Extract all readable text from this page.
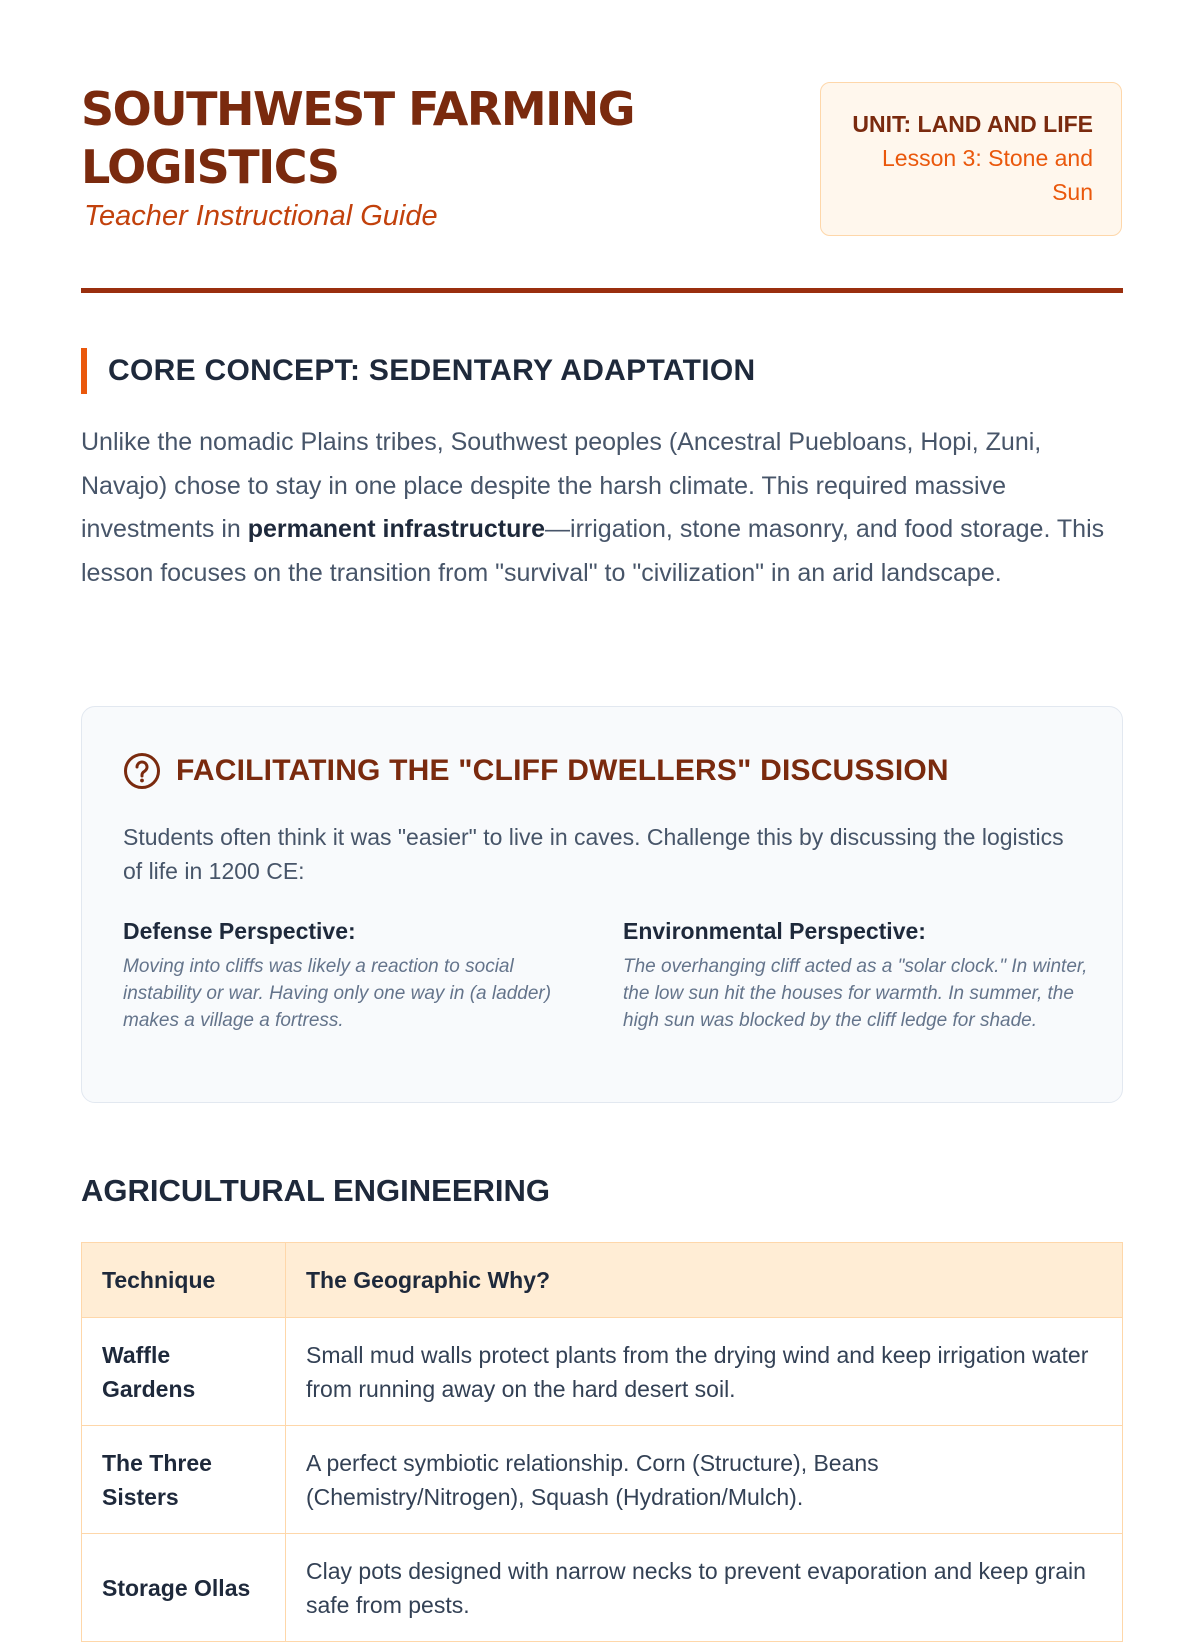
SOUTHWEST FARMING LOGISTICS
Teacher Instructional Guide
UNIT: LAND AND LIFE
Lesson 3: Stone and Sun
CORE CONCEPT: SEDENTARY ADAPTATION

Unlike the nomadic Plains tribes, Southwest peoples (Ancestral Puebloans, Hopi, Zuni, Navajo) chose to stay in one place despite the harsh climate. This required massive investments in permanent infrastructure—irrigation, stone masonry, and food storage. This lesson focuses on the transition from "survival" to "civilization" in an arid landscape.

FACILITATING THE "CLIFF DWELLERS" DISCUSSION

Students often think it was "easier" to live in caves. Challenge this by discussing the logistics of life in 1200 CE:

Defense Perspective:

Moving into cliffs was likely a reaction to social instability or war. Having only one way in (a ladder) makes a village a fortress.

Environmental Perspective:

The overhanging cliff acted as a "solar clock." In winter, the low sun hit the houses for warmth. In summer, the high sun was blocked by the cliff ledge for shade.

AGRICULTURAL ENGINEERING
Technique	The Geographic Why?
Waffle Gardens	Small mud walls protect plants from the drying wind and keep irrigation water from running away on the hard desert soil.
The Three Sisters	A perfect symbiotic relationship. Corn (Structure), Beans (Chemistry/Nitrogen), Squash (Hydration/Mulch).
Storage Ollas	Clay pots designed with narrow necks to prevent evaporation and keep grain safe from pests.
